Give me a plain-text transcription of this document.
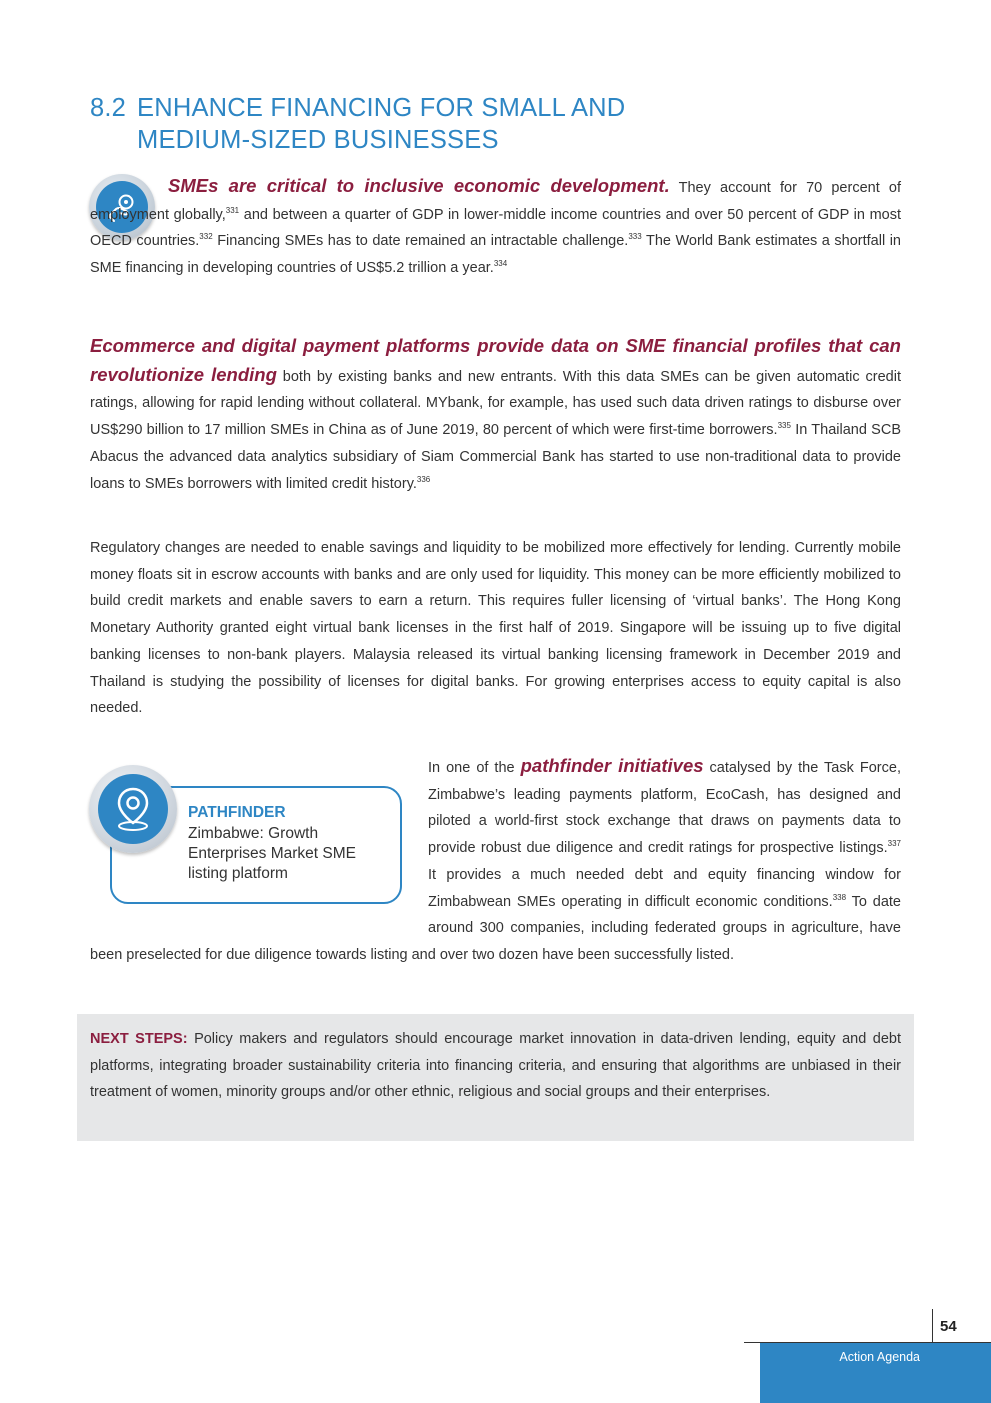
8.2 ENHANCE FINANCING FOR SMALL AND
MEDIUM-SIZED BUSINESSES

SMEs are critical to inclusive economic development. They account for 70 percent of employment globally,$^{331}$ and between a quarter of GDP in lower-middle income countries and over 50 percent of GDP in most OECD countries.$^{332}$ Financing SMEs has to date remained an intractable challenge.$^{333}$ The World Bank estimates a shortfall in SME financing in developing countries of US$5.2 trillion a year.$^{334}$

Ecommerce and digital payment platforms provide data on SME financial profiles that can revolutionize lending both by existing banks and new entrants. With this data SMEs can be given automatic credit ratings, allowing for rapid lending without collateral. MYbank, for example, has used such data driven ratings to disburse over US$290 billion to 17 million SMEs in China as of June 2019, 80 percent of which were first-time borrowers.$^{335}$ In Thailand SCB Abacus the advanced data analytics subsidiary of Siam Commercial Bank has started to use non-traditional data to provide loans to SMEs borrowers with limited credit history.$^{336}$

Regulatory changes are needed to enable savings and liquidity to be mobilized more effectively for lending. Currently mobile money floats sit in escrow accounts with banks and are only used for liquidity. This money can be more efficiently mobilized to build credit markets and enable savers to earn a return. This requires fuller licensing of ‘virtual banks’. The Hong Kong Monetary Authority granted eight virtual bank licenses in the first half of 2019. Singapore will be issuing up to five digital banking licenses to non-bank players. Malaysia released its virtual banking licensing framework in December 2019 and Thailand is studying the possibility of licenses for digital banks. For growing enterprises access to equity capital is also needed.

PATHFINDER
Zimbabwe: Growth Enterprises Market SME listing platform

In one of the pathfinder initiatives catalysed by the Task Force, Zimbabwe’s leading payments platform, EcoCash, has designed and piloted a world-first stock exchange that draws on payments data to provide robust due diligence and credit ratings for prospective listings.$^{337}$ It provides a much needed debt and equity financing window for Zimbabwean SMEs operating in difficult economic conditions.$^{338}$ To date around 300 companies, including federated groups in agriculture, have been preselected for due diligence towards listing and over two dozen have been successfully listed.

NEXT STEPS: Policy makers and regulators should encourage market innovation in data-driven lending, equity and debt platforms, integrating broader sustainability criteria into financing criteria, and ensuring that algorithms are unbiased in their treatment of women, minority groups and/or other ethnic, religious and social groups and their enterprises.

54
Action Agenda
